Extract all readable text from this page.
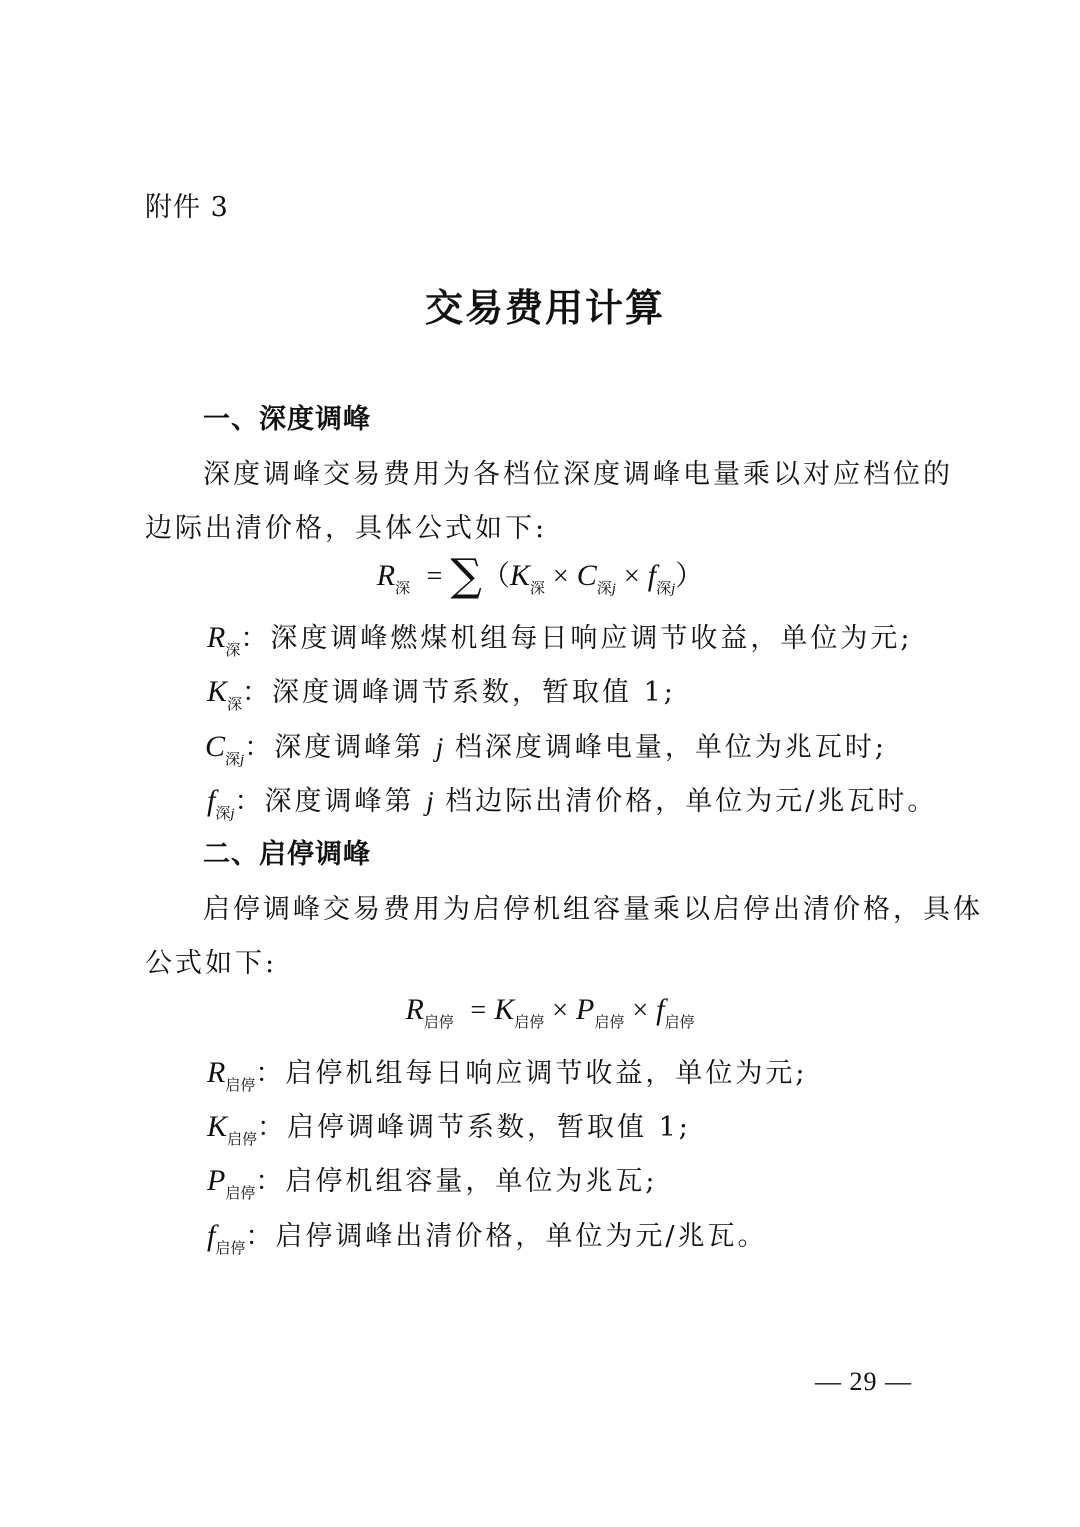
附件 3
交易费用计算
一、深度调峰
深度调峰交易费用为各档位深度调峰电量乘以对应档位的
边际出清价格，具体公式如下:
$R_深 = \sum(K_深 \times C_{深j} \times f_{深j})$
$R_深$：深度调峰燃煤机组每日响应调节收益，单位为元;
$K_深$：深度调峰调节系数，暂取值 1;
$C_{深j}$：深度调峰第 j 档深度调峰电量，单位为兆瓦时;
$f_{深j}$：深度调峰第 j 档边际出清价格，单位为元/兆瓦时。
二、启停调峰
启停调峰交易费用为启停机组容量乘以启停出清价格，具体
公式如下:
$R_{启停} = K_{启停} \times P_{启停} \times f_{启停}$
$R_{启停}$：启停机组每日响应调节收益，单位为元;
$K_{启停}$：启停调峰调节系数，暂取值 1;
$P_{启停}$：启停机组容量，单位为兆瓦;
$f_{启停}$：启停调峰出清价格，单位为元/兆瓦。
— 29 —
